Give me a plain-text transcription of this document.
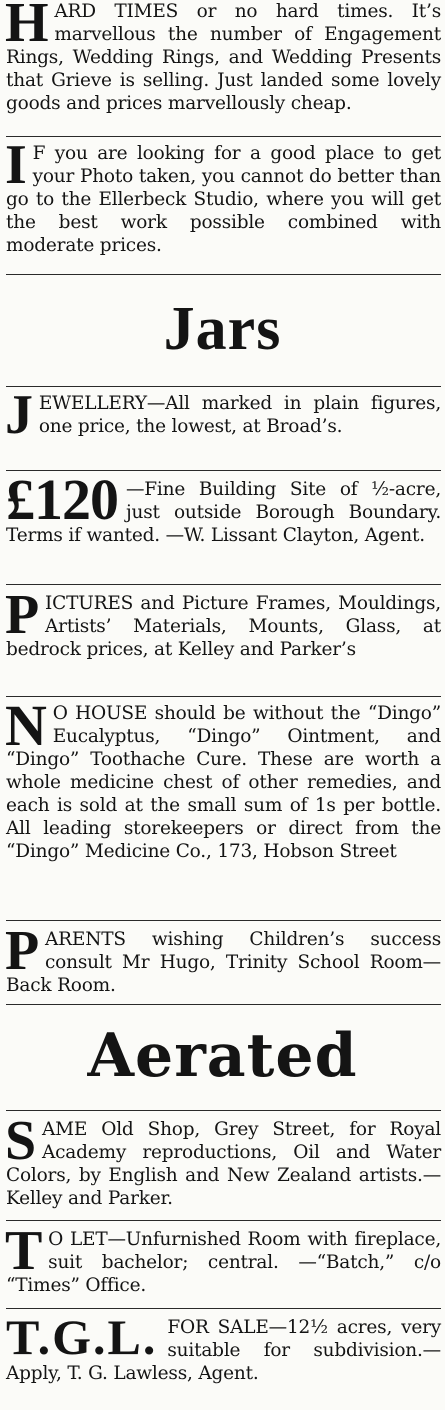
HARD TIMES or no hard times. It’s marvellous the number of Engagement Rings, Wedding Rings, and Wedding Presents that Grieve is selling. Just landed some lovely goods and prices marvellously cheap.

I F you are looking for a good place to get your Photo taken, you cannot do better than go to the Ellerbeck Studio, where you will get the best work possible combined with moderate prices.

Jars

JEWELLERY—All marked in plain figures, one price, the lowest, at Broad’s.

£120 —Fine Building Site of ½-acre, just outside Borough Boundary. Terms if wanted. —W. Lissant Clayton, Agent.

PICTURES and Picture Frames, Mouldings, Artists’ Materials, Mounts, Glass, at bedrock prices, at Kelley and Parker’s

N O HOUSE should be without the “Dingo” Eucalyptus, “Dingo” Ointment, and “Dingo” Toothache Cure. These are worth a whole medicine chest of other remedies, and each is sold at the small sum of 1s per bottle. All leading storekeepers or direct from the “Dingo” Medicine Co., 173, Hobson Street

PARENTS wishing Children’s success consult Mr Hugo, Trinity School Room—Back Room.

Aerated

SAME Old Shop, Grey Street, for Royal Academy reproductions, Oil and Water Colors, by English and New Zealand artists.—Kelley and Parker.

T O LET—Unfurnished Room with fireplace, suit bachelor; central. —“Batch,” c/o “Times” Office.

T.G.L. FOR SALE—12½ acres, very suitable for subdivision.—Apply, T. G. Lawless, Agent.
